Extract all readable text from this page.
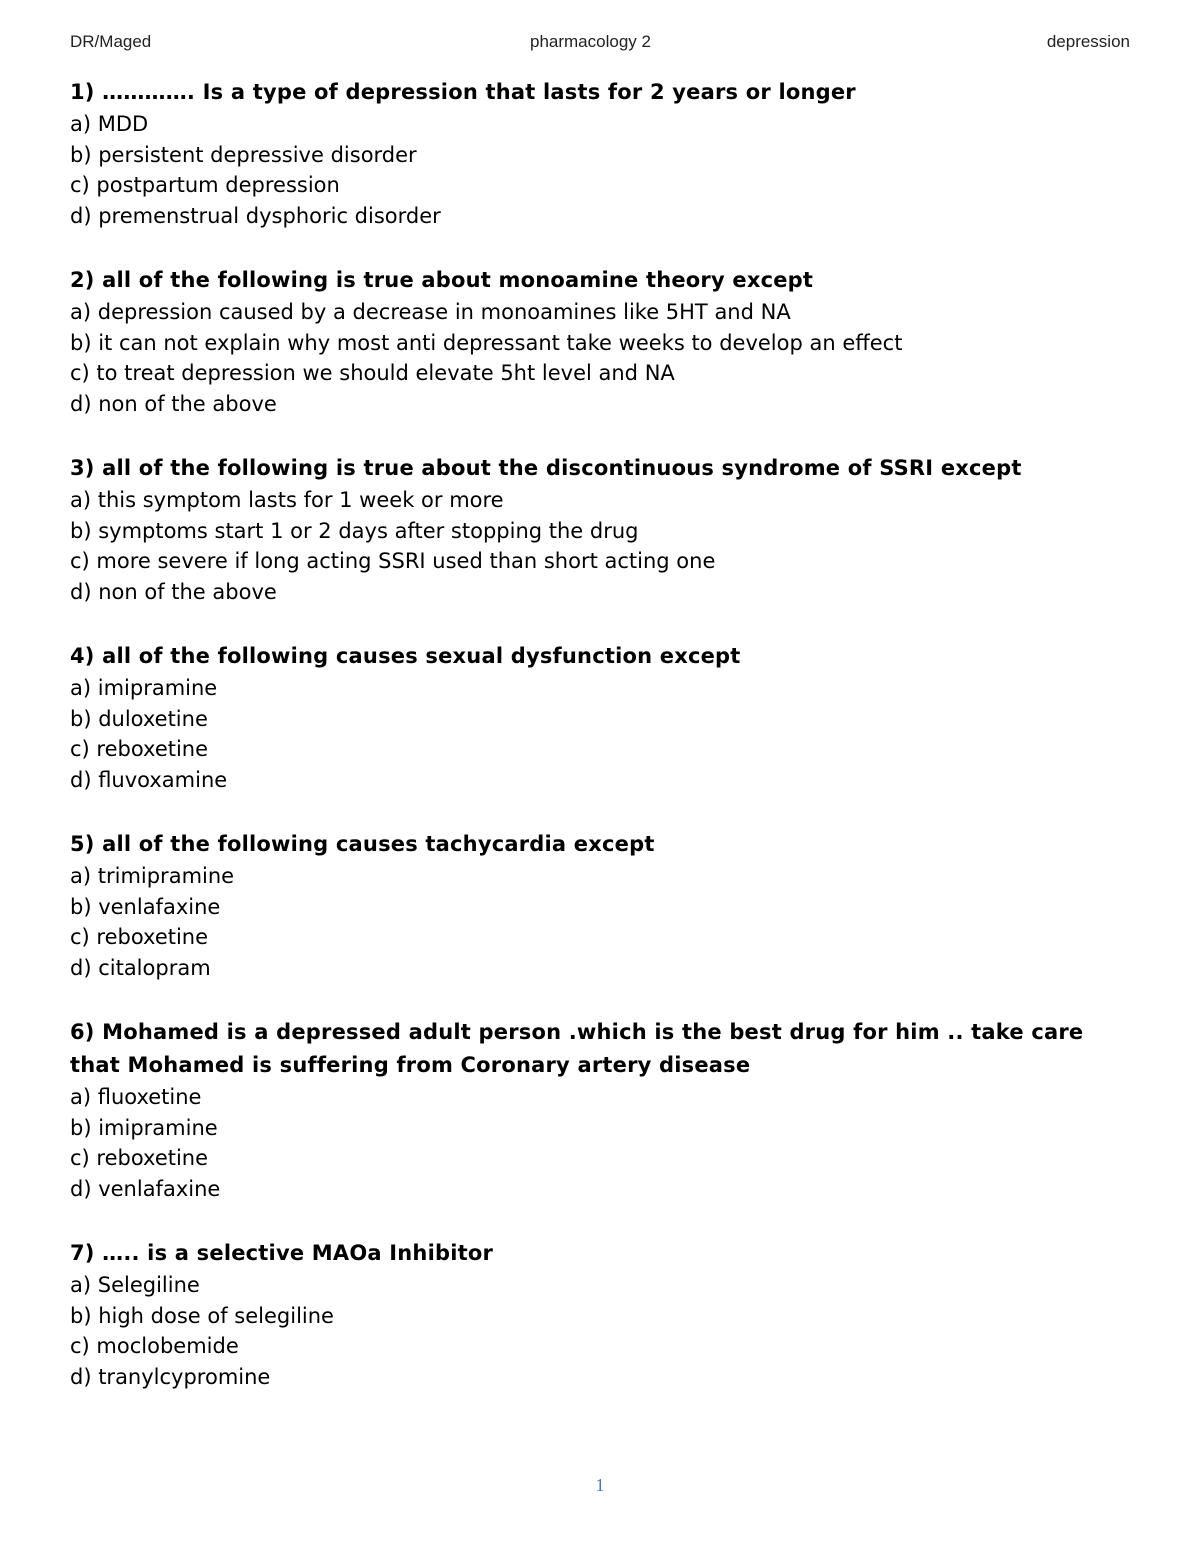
DR/Maged	pharmacology 2	depression
1) …………. Is a type of depression that lasts for 2 years or longer
a) MDD
b) persistent depressive disorder
c) postpartum depression
d) premenstrual dysphoric disorder
2) all of the following is true about monoamine theory except
a) depression caused by a decrease in monoamines like 5HT and NA
b) it can not explain why most anti depressant take weeks to develop an effect
c) to treat depression we should elevate 5ht level and NA
d) non of the above
3) all of the following is true about the discontinuous syndrome of SSRI except
a) this symptom lasts for 1 week or more
b) symptoms start 1 or 2 days after stopping the drug
c) more severe if long acting SSRI used than short acting one
d) non of the above
4) all of the following causes sexual dysfunction except
a) imipramine
b) duloxetine
c) reboxetine
d) fluvoxamine
5) all of the following causes tachycardia except
a) trimipramine
b) venlafaxine
c) reboxetine
d) citalopram
6) Mohamed is a depressed adult person .which is the best drug for him .. take care that Mohamed is suffering from Coronary artery disease
a) fluoxetine
b) imipramine
c) reboxetine
d) venlafaxine
7) ….. is a selective MAOa Inhibitor
a) Selegiline
b) high dose of selegiline
c) moclobemide
d) tranylcypromine
1
